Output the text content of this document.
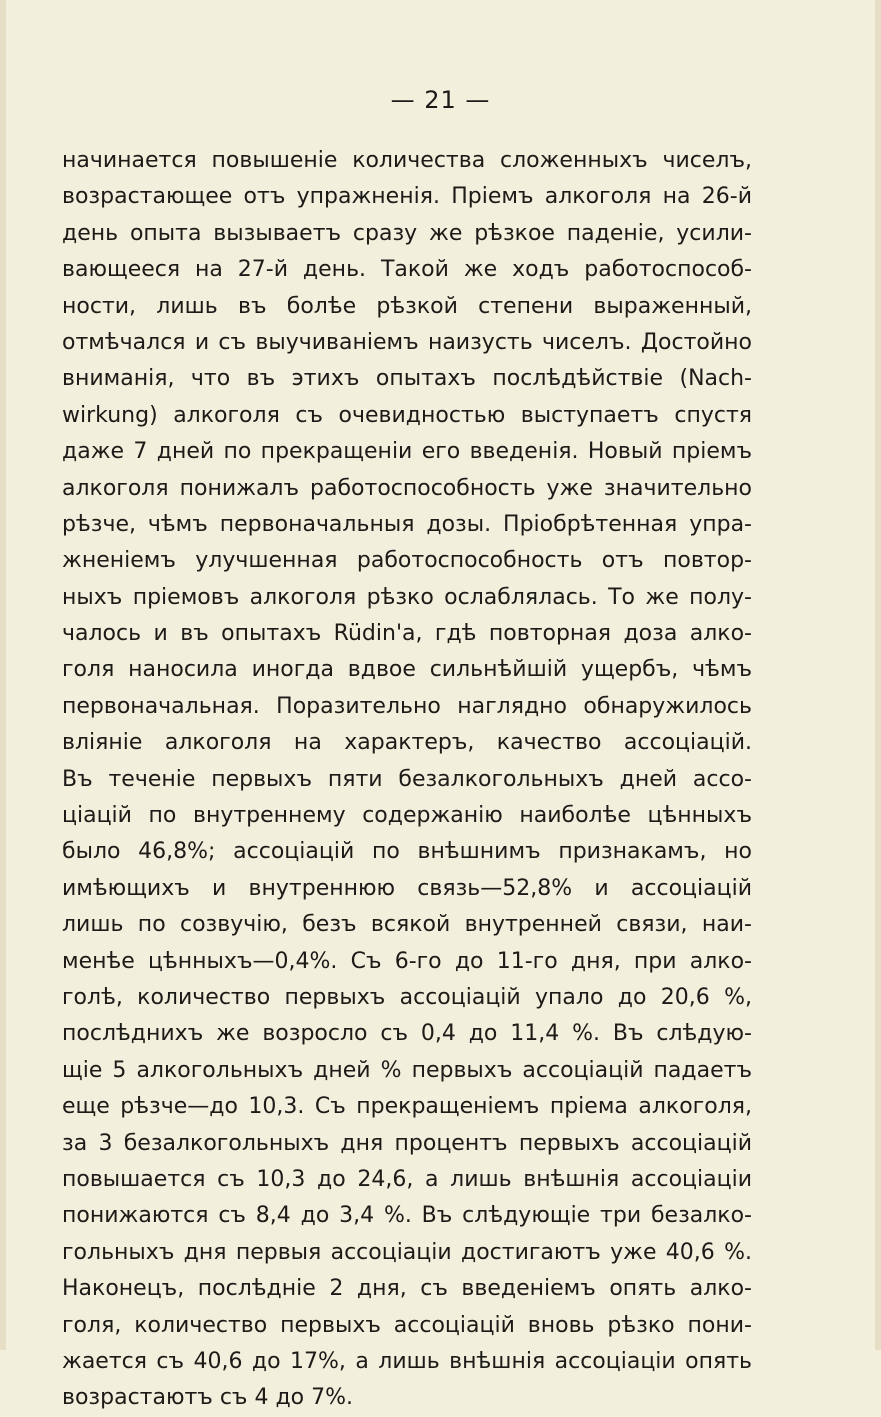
— 21 —
начинается повышеніе количества сложенныхъ чиселъ,
возрастающее отъ упражненія. Пріемъ алкоголя на 26-й
день опыта вызываетъ сразу же рѣзкое паденіе, усили-
вающееся на 27-й день. Такой же ходъ работоспособ-
ности, лишь въ болѣе рѣзкой степени выраженный,
отмѣчался и съ выучиваніемъ наизусть чиселъ. Достойно
вниманія, что въ этихъ опытахъ послѣдѣйствіе (Nach-
wirkung) алкоголя съ очевидностью выступаетъ спустя
даже 7 дней по прекращеніи его введенія. Новый пріемъ
алкоголя понижалъ работоспособность уже значительно
рѣзче, чѣмъ первоначальныя дозы. Пріобрѣтенная упра-
жненіемъ улучшенная работоспособность отъ повтор-
ныхъ пріемовъ алкоголя рѣзко ослаблялась. То же полу-
чалось и въ опытахъ Rüdin'a, гдѣ повторная доза алко-
голя наносила иногда вдвое сильнѣйшій ущербъ, чѣмъ
первоначальная. Поразительно наглядно обнаружилось
вліяніе алкоголя на характеръ, качество ассоціацій.
Въ теченіе первыхъ пяти безалкогольныхъ дней ассо-
ціацій по внутреннему содержанію наиболѣе цѣнныхъ
было 46,8%; ассоціацій по внѣшнимъ признакамъ, но
имѣющихъ и внутреннюю связь—52,8% и ассоціацій
лишь по созвучію, безъ всякой внутренней связи, наи-
менѣе цѣнныхъ—0,4%. Съ 6-го до 11-го дня, при алко-
голѣ, количество первыхъ ассоціацій упало до 20,6 %,
послѣднихъ же возросло съ 0,4 до 11,4 %. Въ слѣдую-
щіе 5 алкогольныхъ дней % первыхъ ассоціацій падаетъ
еще рѣзче—до 10,3. Съ прекращеніемъ пріема алкоголя,
за 3 безалкогольныхъ дня процентъ первыхъ ассоціацій
повышается съ 10,3 до 24,6, а лишь внѣшнія ассоціаціи
понижаются съ 8,4 до 3,4 %. Въ слѣдующіе три безалко-
гольныхъ дня первыя ассоціаціи достигаютъ уже 40,6 %.
Наконецъ, послѣдніе 2 дня, съ введеніемъ опять алко-
голя, количество первыхъ ассоціацій вновь рѣзко пони-
жается съ 40,6 до 17%, а лишь внѣшнія ассоціаціи опять
возрастаютъ съ 4 до 7%.
